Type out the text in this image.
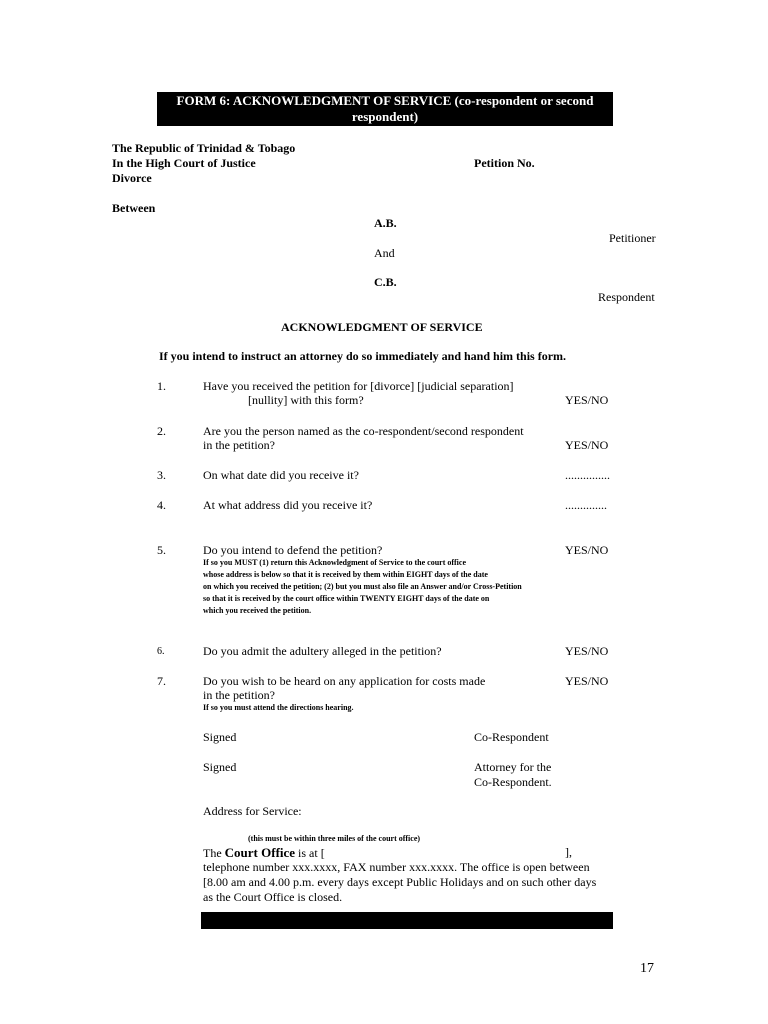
FORM 6: ACKNOWLEDGMENT OF SERVICE (co-respondent or second respondent)
The Republic of Trinidad & Tobago
In the High Court of Justice
Divorce
Petition No.
Between
A.B.
Petitioner
And
C.B.
Respondent
ACKNOWLEDGMENT OF SERVICE
If you intend to instruct an attorney do so immediately and hand him this form.
1.	Have you received the petition for [divorce] [judicial separation]
[nullity] with this form?	YES/NO
2.	Are you the person named as the co-respondent/second respondent
in the petition?	YES/NO
3.	On what date did you receive it?	...............
4.	At what address did you receive it?	..............
5.	Do you intend to defend the petition?	YES/NO
If so you MUST (1) return this Acknowledgment of Service to the court office
whose address is below so that it is received by them within EIGHT days of the date
on which you received the petition; (2) but you must also file an Answer and/or Cross-Petition
so that it is received by the court office within TWENTY EIGHT days of the date on
which you received the petition.
6.	Do you admit the adultery alleged in the petition?	YES/NO
7.	Do you wish to be heard on any application for costs made	YES/NO
in the petition?
If so you must attend the directions hearing.
Signed	Co-Respondent
Signed	Attorney for the
Co-Respondent.
Address for Service:
(this must be within three miles of the court office)
The Court Office is at [	],
telephone number xxx.xxxx, FAX number xxx.xxxx. The office is open between
[8.00 am and 4.00 p.m. every days except Public Holidays and on such other days
as the Court Office is closed.
17
